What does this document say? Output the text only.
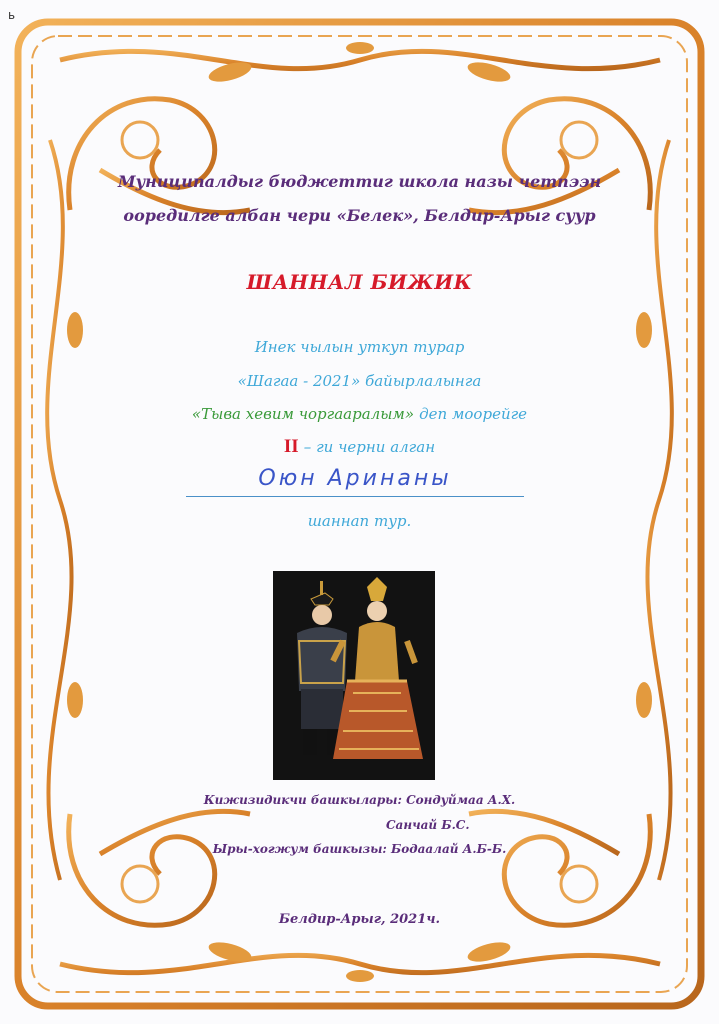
ь
Муниципалдыг бюджеттиг школа назы четпээн
ооредилге албан чери «Белек», Белдир-Арыг суур
ШАННАЛ БИЖИК
Инек чылын уткуп турар
«Шагаа - 2021» байырлалынга
«Тыва хевим чоргааралым» деп моорейге
II – ги черни алган
Оюн Аринаны
шаннап тур.
Кижизидикчи башкылары: Сондуймаа А.Х.
Санчай Б.С.
Ыры-хогжум башкызы: Бодаалай А.Б-Б.
Белдир-Арыг, 2021ч.
